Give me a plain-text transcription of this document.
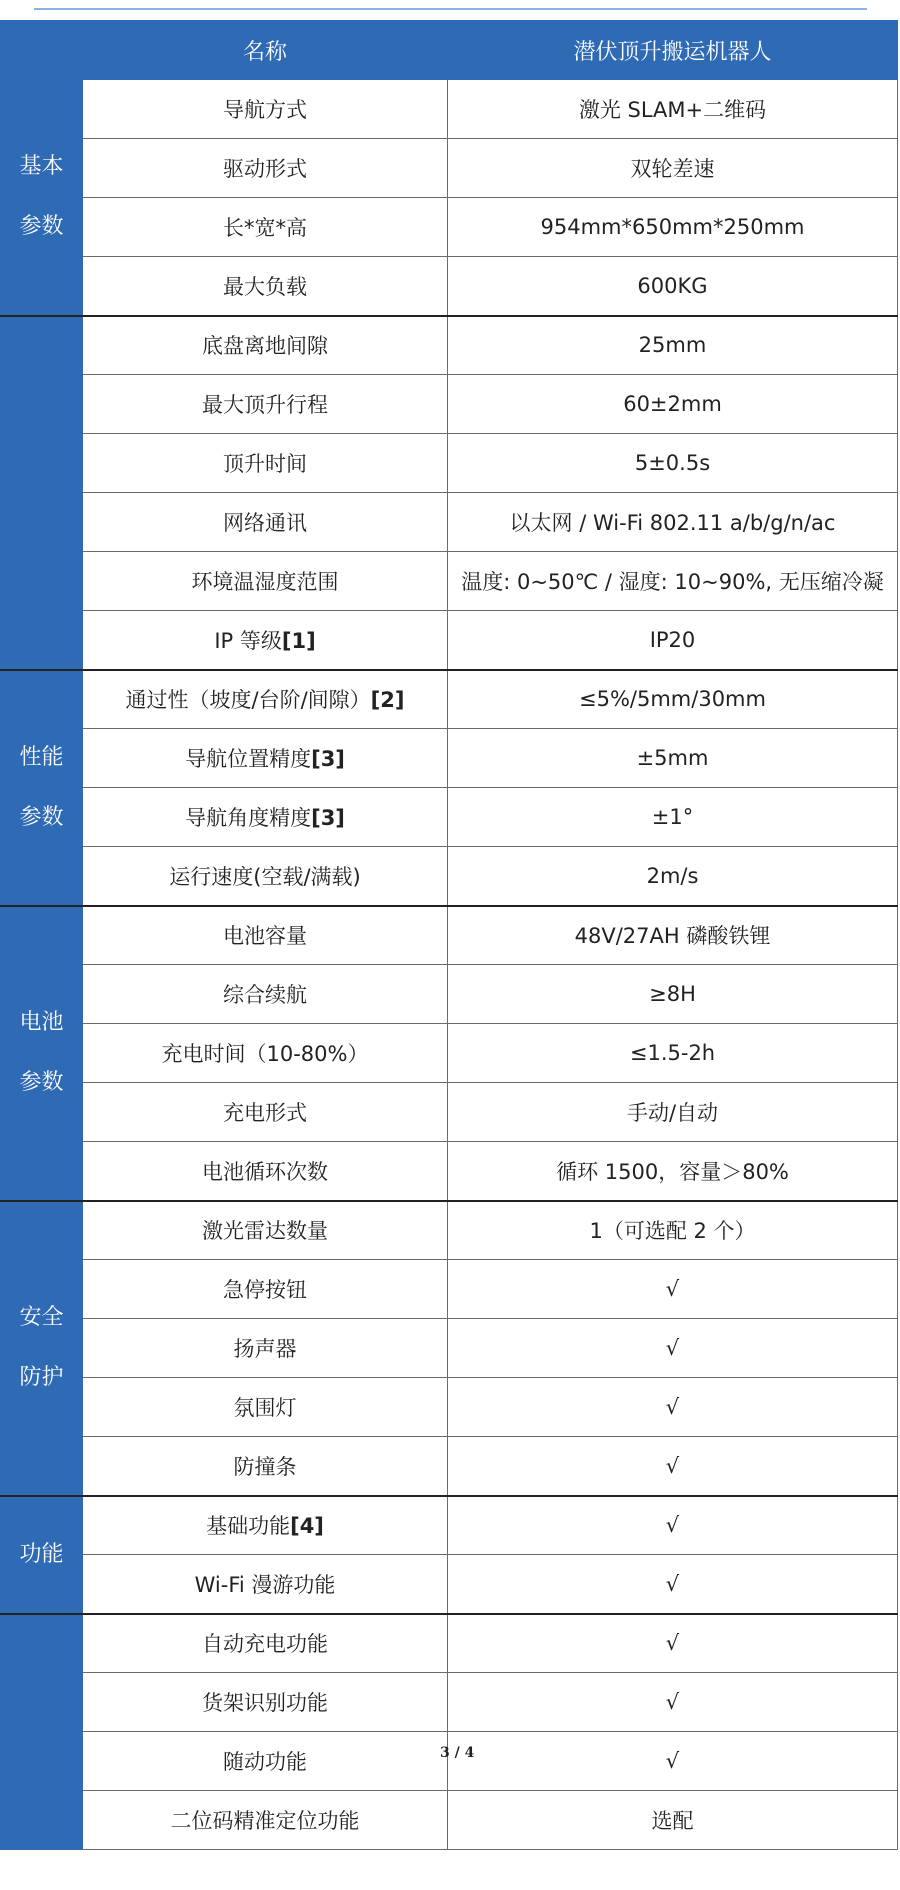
	名称	潜伏顶升搬运机器人

基本
参数	导航方式	激光 SLAM+二维码
	驱动形式	双轮差速
	长*宽*高	954mm*650mm*250mm
	最大负载	600KG
	底盘离地间隙	25mm
	最大顶升行程	60±2mm
	顶升时间	5±0.5s
	网络通讯	以太网 / Wi-Fi 802.11 a/b/g/n/ac
	环境温湿度范围	温度: 0~50℃ / 湿度: 10~90%, 无压缩冷凝
	IP 等级[1]	IP20

性能
参数	通过性（坡度/台阶/间隙）[2]	≤5%/5mm/30mm
	导航位置精度[3]	±5mm
	导航角度精度[3]	±1°
	运行速度(空载/满载)	2m/s

电池
参数	电池容量	48V/27AH 磷酸铁锂
	综合续航	≥8H
	充电时间（10-80%）	≤1.5-2h
	充电形式	手动/自动
	电池循环次数	循环 1500，容量＞80%

安全
防护	激光雷达数量	1（可选配 2 个）
	急停按钮	√
	扬声器	√
	氛围灯	√
	防撞条	√

功能	基础功能[4]	√
	Wi-Fi 漫游功能	√
	自动充电功能	√
	货架识别功能	√
	随动功能	√
	二位码精准定位功能	选配
3 / 4
